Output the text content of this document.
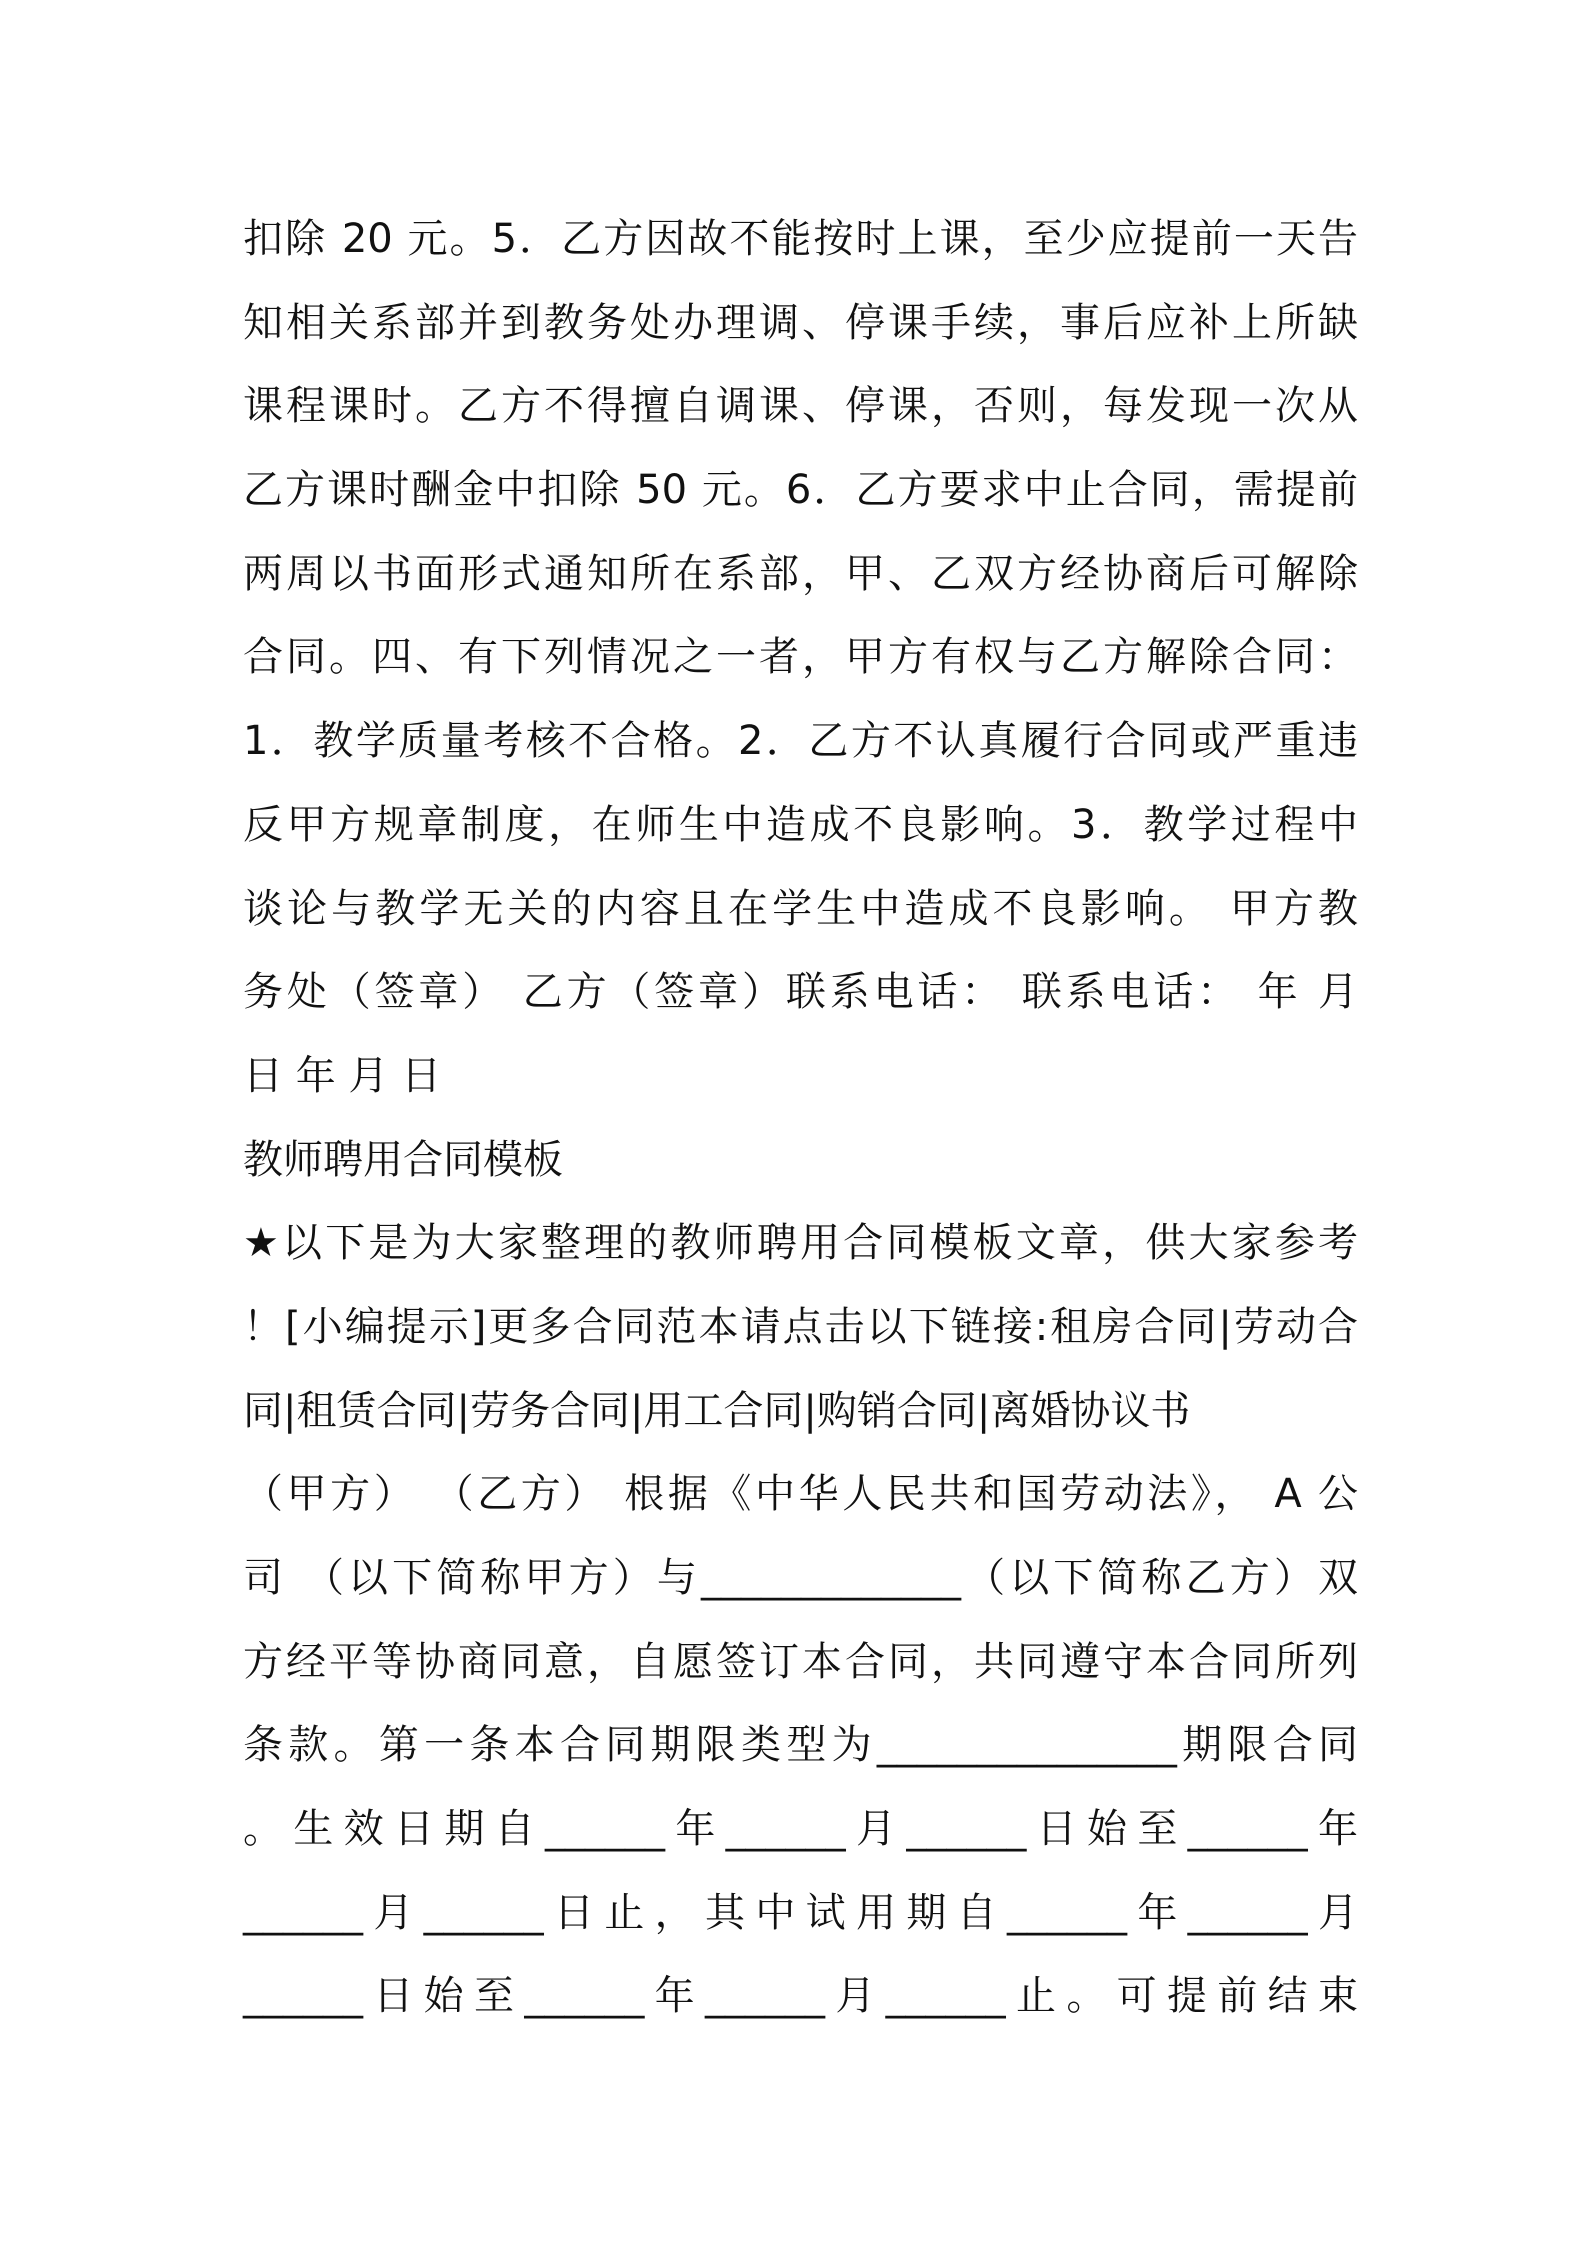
扣除 20 元。5．乙方因故不能按时上课，至少应提前一天告
知相关系部并到教务处办理调、停课手续，事后应补上所缺
课程课时。乙方不得擅自调课、停课，否则，每发现一次从
乙方课时酬金中扣除 50 元。6．乙方要求中止合同，需提前
两周以书面形式通知所在系部，甲、乙双方经协商后可解除
合同。四、有下列情况之一者，甲方有权与乙方解除合同：
1．教学质量考核不合格。2．乙方不认真履行合同或严重违
反甲方规章制度，在师生中造成不良影响。3．教学过程中
谈论与教学无关的内容且在学生中造成不良影响。 甲方教
务处（签章） 乙方（签章）联系电话： 联系电话： 年 月
日 年 月 日
教师聘用合同模板
★以下是为大家整理的教师聘用合同模板文章，供大家参考
！[小编提示]更多合同范本请点击以下链接:租房合同|劳动合
同|租赁合同|劳务合同|用工合同|购销合同|离婚协议书
（甲方） （乙方） 根据《中华人民共和国劳动法》， A 公
司 （以下简称甲方）与_____________（以下简称乙方）双
方经平等协商同意，自愿签订本合同，共同遵守本合同所列
条款。第一条本合同期限类型为_______________期限合同
。生效日期自______年______月______日始至______年
______月______日止，其中试用期自______年______月
______日始至______年______月______止。可提前结束
